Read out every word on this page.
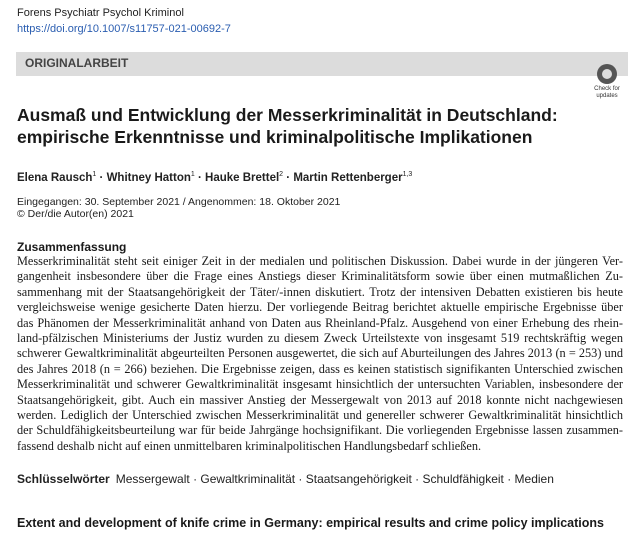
Forens Psychiatr Psychol Kriminol
https://doi.org/10.1007/s11757-021-00692-7
ORIGINALARBEIT
Check for
updates
Ausmaß und Entwicklung der Messerkriminalität in Deutschland:
empirische Erkenntnisse und kriminalpolitische Implikationen
Elena Rausch$^1$ · Whitney Hatton$^1$ · Hauke Brettel$^2$ · Martin Rettenberger$^{1,3}$
Eingegangen: 30. September 2021 / Angenommen: 18. Oktober 2021
© Der/die Autor(en) 2021
Zusammenfassung
Messerkriminalität steht seit einiger Zeit in der medialen und politischen Diskussion. Dabei wurde in der jüngeren Ver-
gangenheit insbesondere über die Frage eines Anstiegs dieser Kriminalitätsform sowie über einen mutmaßlichen Zu-
sammenhang mit der Staatsangehörigkeit der Täter/-innen diskutiert. Trotz der intensiven Debatten existieren bis heute
vergleichsweise wenige gesicherte Daten hierzu. Der vorliegende Beitrag berichtet aktuelle empirische Ergebnisse über
das Phänomen der Messerkriminalität anhand von Daten aus Rheinland-Pfalz. Ausgehend von einer Erhebung des rhein-
land-pfälzischen Ministeriums der Justiz wurden zu diesem Zweck Urteilstexte von insgesamt 519 rechtskräftig wegen
schwerer Gewaltkriminalität abgeurteilten Personen ausgewertet, die sich auf Aburteilungen des Jahres 2013 (n = 253) und
des Jahres 2018 (n = 266) beziehen. Die Ergebnisse zeigen, dass es keinen statistisch signifikanten Unterschied zwischen
Messerkriminalität und schwerer Gewaltkriminalität insgesamt hinsichtlich der untersuchten Variablen, insbesondere der
Staatsangehörigkeit, gibt. Auch ein massiver Anstieg der Messergewalt von 2013 auf 2018 konnte nicht nachgewiesen
werden. Lediglich der Unterschied zwischen Messerkriminalität und genereller schwerer Gewaltkriminalität hinsichtlich
der Schuldfähigkeitsbeurteilung war für beide Jahrgänge hochsignifikant. Die vorliegenden Ergebnisse lassen zusammen-
fassend deshalb nicht auf einen unmittelbaren kriminalpolitischen Handlungsbedarf schließen.
Schlüsselwörter Messergewalt · Gewaltkriminalität · Staatsangehörigkeit · Schuldfähigkeit · Medien
Extent and development of knife crime in Germany: empirical results and crime policy implications
